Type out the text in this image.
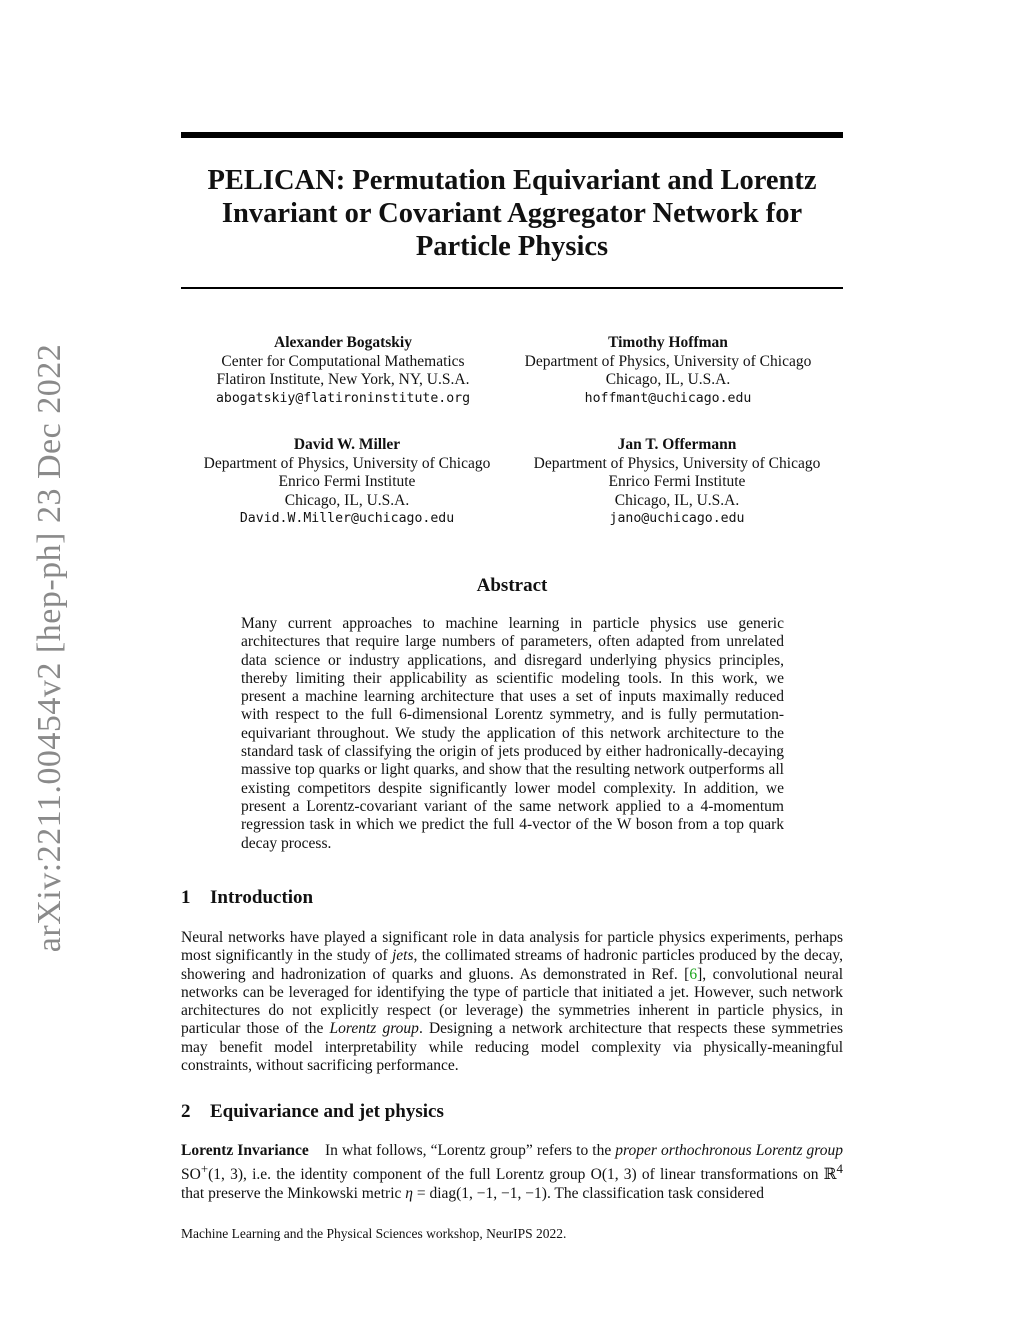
arXiv:2211.00454v2 [hep-ph] 23 Dec 2022
PELICAN: Permutation Equivariant and Lorentz
Invariant or Covariant Aggregator Network for
Particle Physics
Alexander Bogatskiy
Center for Computational Mathematics
Flatiron Institute, New York, NY, U.S.A.
abogatskiy@flatironinstitute.org
Timothy Hoffman
Department of Physics, University of Chicago
Chicago, IL, U.S.A.
hoffmant@uchicago.edu
David W. Miller
Department of Physics, University of Chicago
Enrico Fermi Institute
Chicago, IL, U.S.A.
David.W.Miller@uchicago.edu
Jan T. Offermann
Department of Physics, University of Chicago
Enrico Fermi Institute
Chicago, IL, U.S.A.
jano@uchicago.edu
Abstract

Many current approaches to machine learning in particle physics use generic architectures that require large numbers of parameters, often adapted from unrelated data science or industry applications, and disregard underlying physics principles, thereby limiting their applicability as scientific modeling tools. In this work, we present a machine learning architecture that uses a set of inputs maximally reduced with respect to the full 6-dimensional Lorentz symmetry, and is fully permutation-equivariant throughout. We study the application of this network architecture to the standard task of classifying the origin of jets produced by either hadronically-decaying massive top quarks or light quarks, and show that the resulting network outperforms all existing competitors despite significantly lower model complexity. In addition, we present a Lorentz-covariant variant of the same network applied to a 4-momentum regression task in which we predict the full 4-vector of the W boson from a top quark decay process.

1 Introduction

Neural networks have played a significant role in data analysis for particle physics experiments, perhaps most significantly in the study of jets, the collimated streams of hadronic particles produced by the decay, showering and hadronization of quarks and gluons. As demonstrated in Ref. [6], convolutional neural networks can be leveraged for identifying the type of particle that initiated a jet. However, such network architectures do not explicitly respect (or leverage) the symmetries inherent in particle physics, in particular those of the Lorentz group. Designing a network architecture that respects these symmetries may benefit model interpretability while reducing model complexity via physically-meaningful constraints, without sacrificing performance.

2 Equivariance and jet physics

Lorentz Invariance In what follows, “Lorentz group” refers to the proper orthochronous Lorentz group SO+(1, 3), i.e. the identity component of the full Lorentz group O(1, 3) of linear transformations on ℝ$^4$ that preserve the Minkowski metric η = diag(1, −1, −1, −1). The classification task considered

Machine Learning and the Physical Sciences workshop, NeurIPS 2022.
